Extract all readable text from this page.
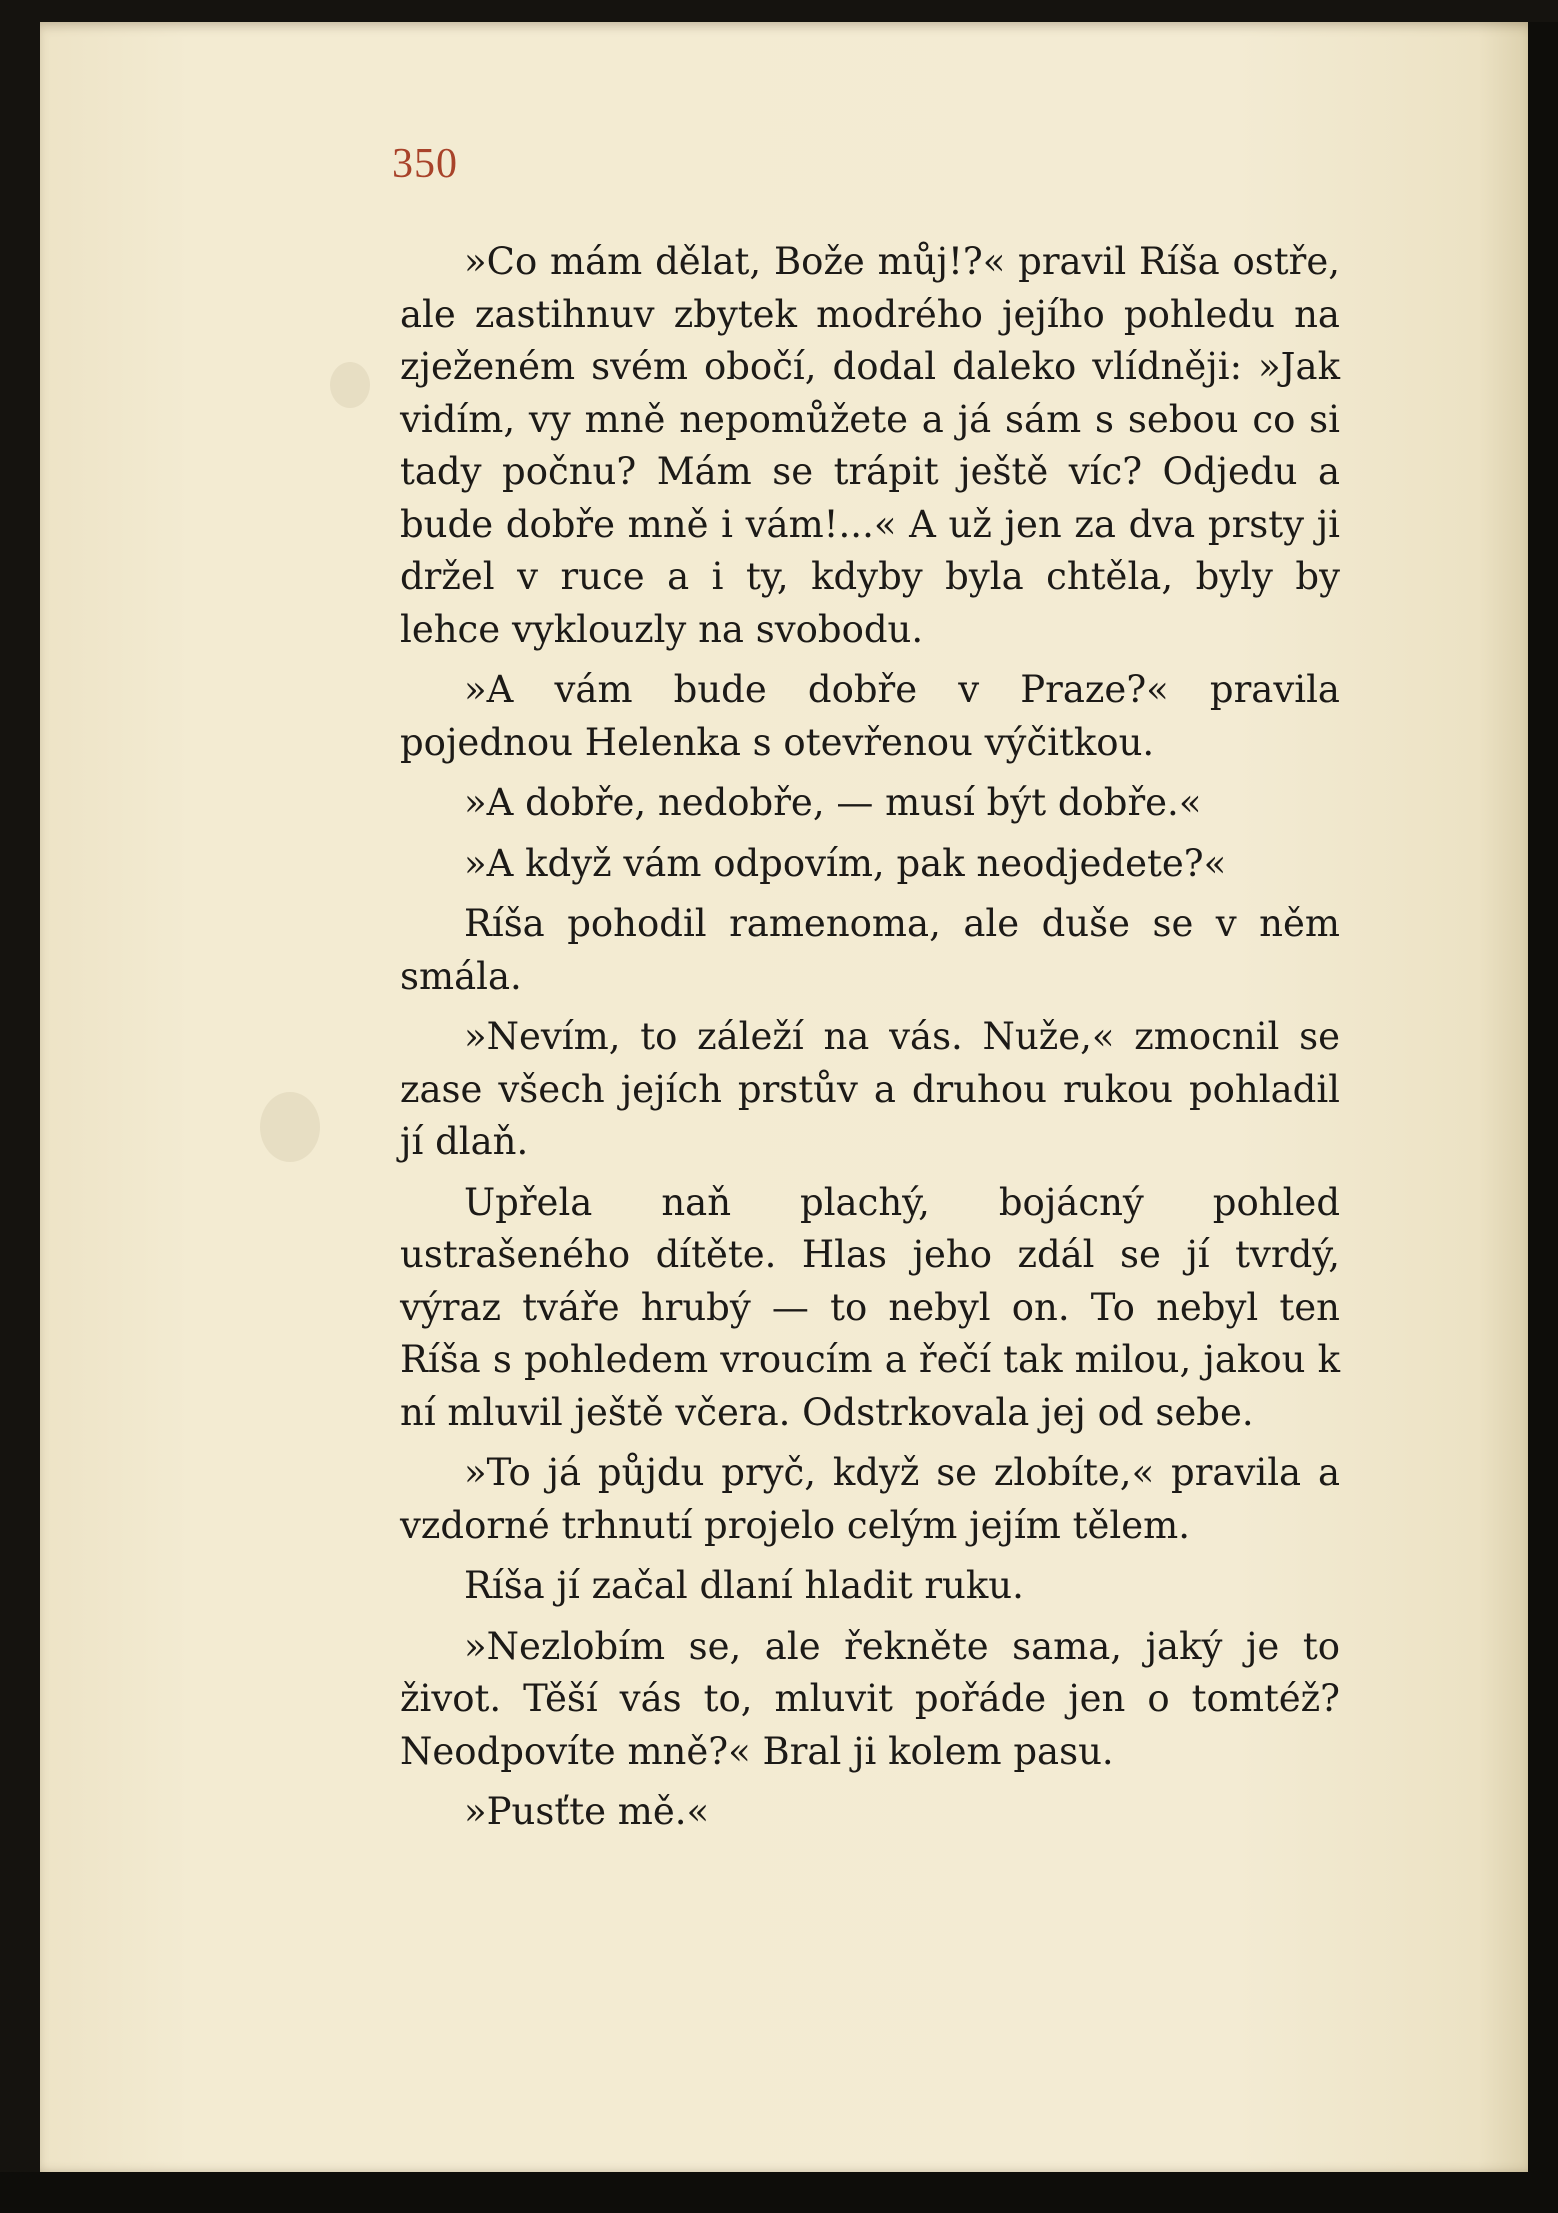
350

»Co mám dělat, Bože můj!?« pravil Ríša ostře, ale zastihnuv zbytek modrého jejího pohledu na zježeném svém obočí, dodal daleko vlídněji: »Jak vidím, vy mně nepomůžete a já sám s sebou co si tady počnu? Mám se trápit ještě víc? Odjedu a bude dobře mně i vám!...« A už jen za dva prsty ji držel v ruce a i ty, kdyby byla chtěla, byly by lehce vyklouzly na svobodu.

»A vám bude dobře v Praze?« pravila pojednou Helenka s otevřenou výčitkou.

»A dobře, nedobře, — musí být dobře.«

»A když vám odpovím, pak neodjedete?«

Ríša pohodil ramenoma, ale duše se v něm smála.

»Nevím, to záleží na vás. Nuže,« zmocnil se zase všech jejích prstův a druhou rukou pohladil jí dlaň.

Upřela naň plachý, bojácný pohled ustrašeného dítěte. Hlas jeho zdál se jí tvrdý, výraz tváře hrubý — to nebyl on. To nebyl ten Ríša s pohledem vroucím a řečí tak milou, jakou k ní mluvil ještě včera. Odstrkovala jej od sebe.

»To já půjdu pryč, když se zlobíte,« pravila a vzdorné trhnutí projelo celým jejím tělem.

Ríša jí začal dlaní hladit ruku.

»Nezlobím se, ale řekněte sama, jaký je to život. Těší vás to, mluvit pořáde jen o tomtéž? Neodpovíte mně?« Bral ji kolem pasu.

»Pusťte mě.«
